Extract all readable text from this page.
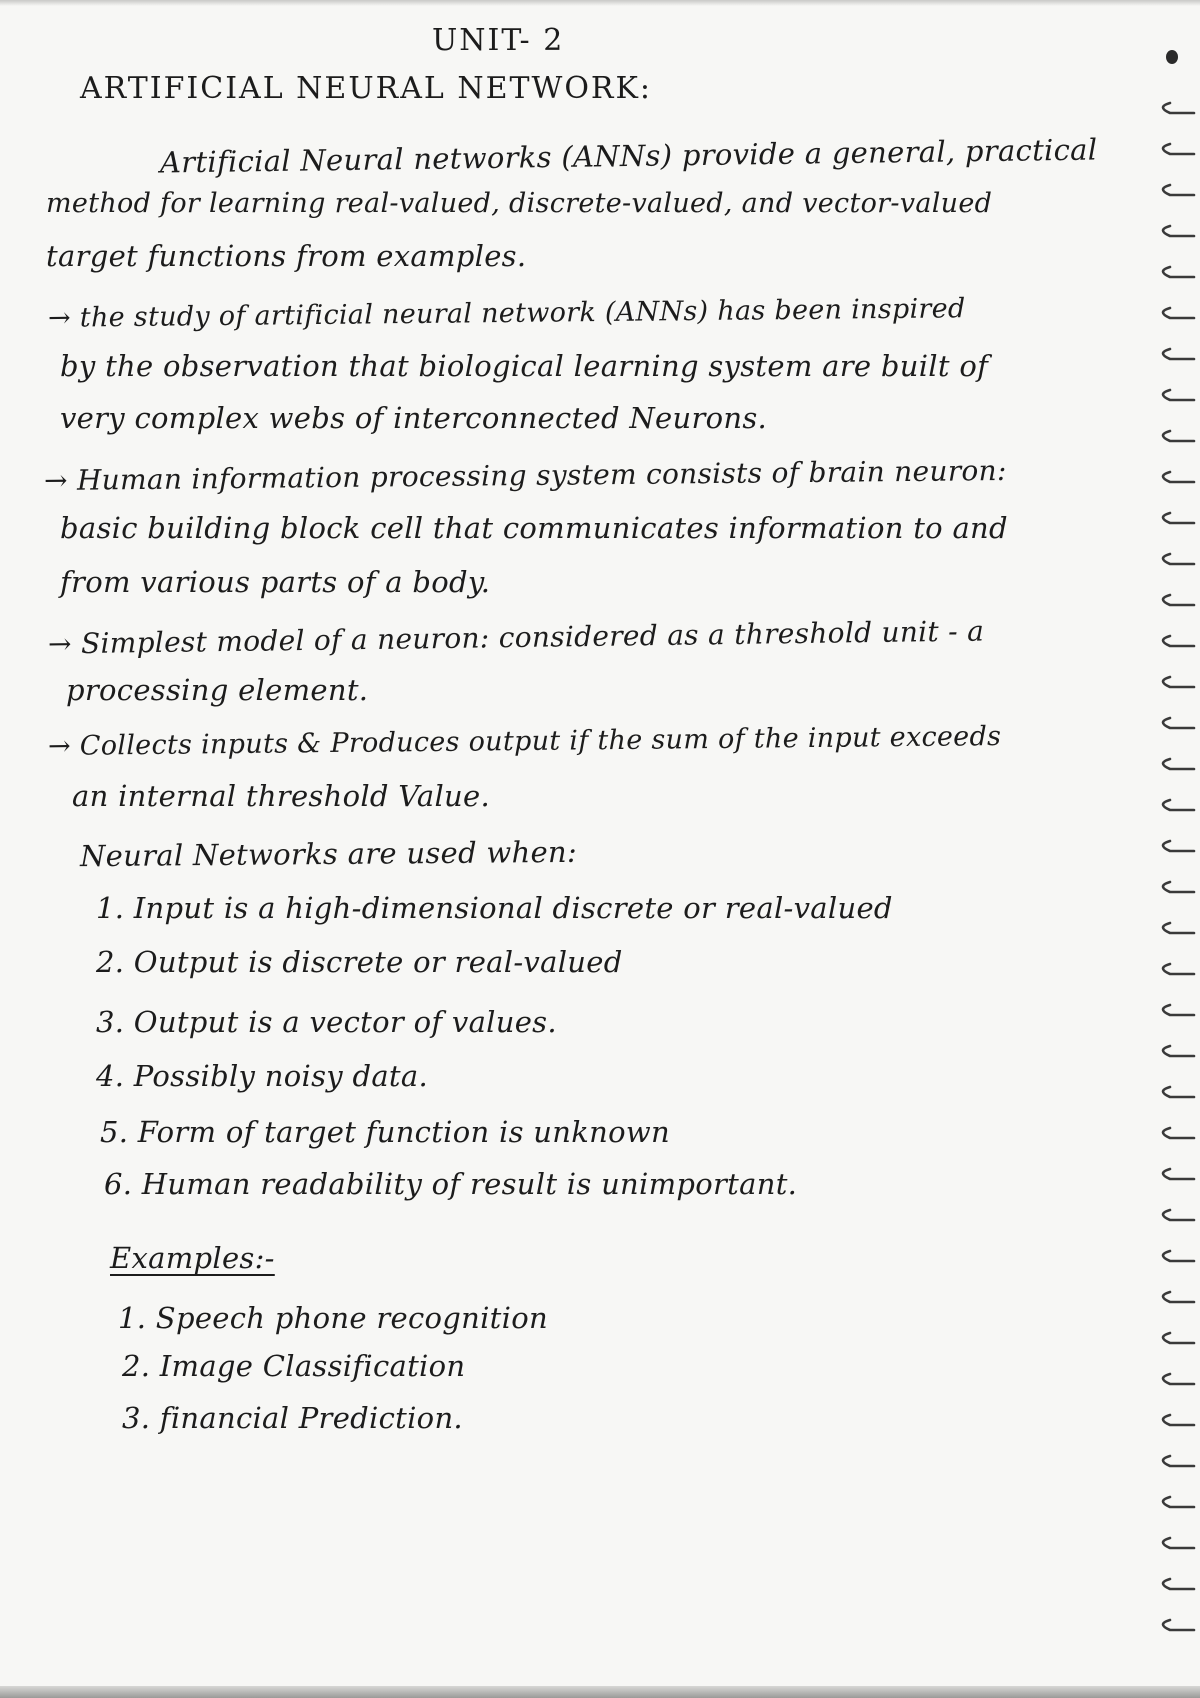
UNIT- 2
ARTIFICIAL NEURAL NETWORK:
Artificial Neural networks (ANNs) provide a general, practical
method for learning real-valued, discrete-valued, and vector-valued
target functions from examples.
→ the study of artificial neural network (ANNs) has been inspired
by the observation that biological learning system are built of
very complex webs of interconnected Neurons.
→ Human information processing system consists of brain neuron:
basic building block cell that communicates information to and
from various parts of a body.
→ Simplest model of a neuron: considered as a threshold unit - a
processing element.
→ Collects inputs & Produces output if the sum of the input exceeds
an internal threshold Value.
Neural Networks are used when:
1. Input is a high-dimensional discrete or real-valued
2. Output is discrete or real-valued
3. Output is a vector of values.
4. Possibly noisy data.
5. Form of target function is unknown
6. Human readability of result is unimportant.
Examples:-
1. Speech phone recognition
2. Image Classification
3. financial Prediction.
